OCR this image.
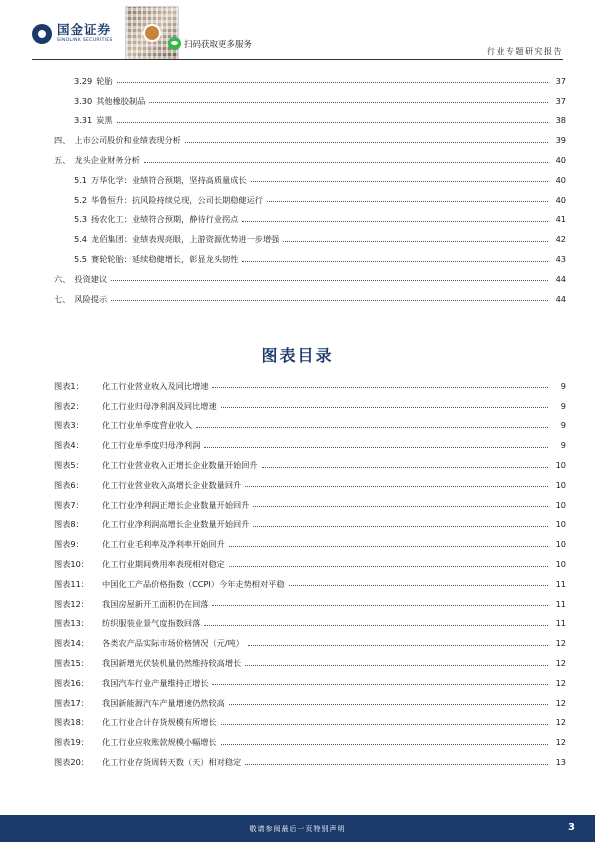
国金证券
SINOLINK SECURITIES	扫码获取更多服务
行业专题研究报告
3.29 轮胎	37
3.30 其他橡胶制品	37
3.31 炭黑	38
四、 上市公司股价和业绩表现分析	39
五、 龙头企业财务分析	40
5.1 万华化学：业绩符合预期，坚持高质量成长	40
5.2 华鲁恒升：抗风险持续兑现，公司长期稳健运行	40
5.3 扬农化工：业绩符合预期，静待行业拐点	41
5.4 龙佰集团：业绩表现亮眼，上游资源优势进一步增强	42
5.5 赛轮轮胎：延续稳健增长，彰显龙头韧性	43
六、 投资建议	44
七、 风险提示	44
图表目录
图表1：	化工行业营业收入及同比增速	9
图表2：	化工行业归母净利润及同比增速	9
图表3：	化工行业单季度营业收入	9
图表4：	化工行业单季度归母净利润	9
图表5：	化工行业营业收入正增长企业数量开始回升	10
图表6：	化工行业营业收入高增长企业数量回升	10
图表7：	化工行业净利润正增长企业数量开始回升	10
图表8：	化工行业净利润高增长企业数量开始回升	10
图表9：	化工行业毛利率及净利率开始回升	10
图表10：	化工行业期间费用率表现相对稳定	10
图表11：	中国化工产品价格指数（CCPI）今年走势相对平稳	11
图表12：	我国房屋新开工面积仍在回落	11
图表13：	纺织服装业景气度指数回落	11
图表14：	各类农产品实际市场价格情况（元/吨）	12
图表15：	我国新增光伏装机量仍然维持较高增长	12
图表16：	我国汽车行业产量维持正增长	12
图表17：	我国新能源汽车产量增速仍然较高	12
图表18：	化工行业合计存货规模有所增长	12
图表19：	化工行业应收账款规模小幅增长	12
图表20：	化工行业存货周转天数（天）相对稳定	13
敬请参阅最后一页特别声明	3
